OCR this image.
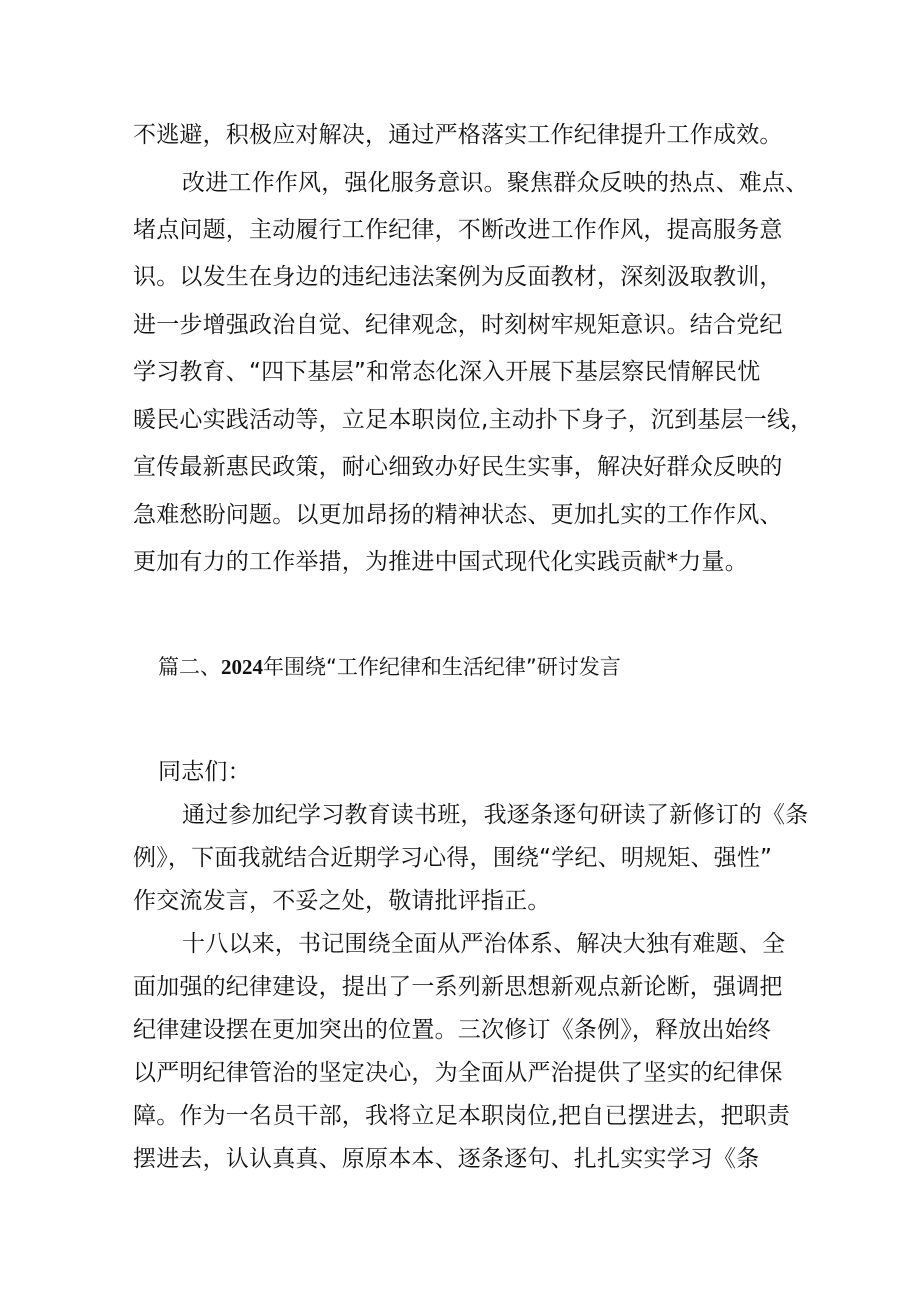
不逃避，积极应对解决，通过严格落实工作纪律提升工作成效。
改进工作作风，强化服务意识。聚焦群众反映的热点、难点、
堵点问题，主动履行工作纪律，不断改进工作作风，提高服务意
识。以发生在身边的违纪违法案例为反面教材，深刻汲取教训，
进一步增强政治自觉、纪律观念，时刻树牢规矩意识。结合党纪
学习教育、“四下基层”和常态化深入开展下基层察民情解民忧
暖民心实践活动等，立足本职岗位,主动扑下身子，沉到基层一线，
宣传最新惠民政策，耐心细致办好民生实事，解决好群众反映的
急难愁盼问题。以更加昂扬的精神状态、更加扎实的工作作风、
更加有力的工作举措，为推进中国式现代化实践贡献*力量。
篇二、2024年围绕“工作纪律和生活纪律”研讨发言
同志们：
通过参加纪学习教育读书班，我逐条逐句研读了新修订的《条
例》，下面我就结合近期学习心得，围绕“学纪、明规矩、强性”
作交流发言，不妥之处，敬请批评指正。
十八以来，书记围绕全面从严治体系、解决大独有难题、全
面加强的纪律建设，提出了一系列新思想新观点新论断，强调把
纪律建设摆在更加突出的位置。三次修订《条例》，释放出始终
以严明纪律管治的坚定决心，为全面从严治提供了坚实的纪律保
障。作为一名员干部，我将立足本职岗位,把自已摆进去，把职责
摆进去，认认真真、原原本本、逐条逐句、扎扎实实学习《条
